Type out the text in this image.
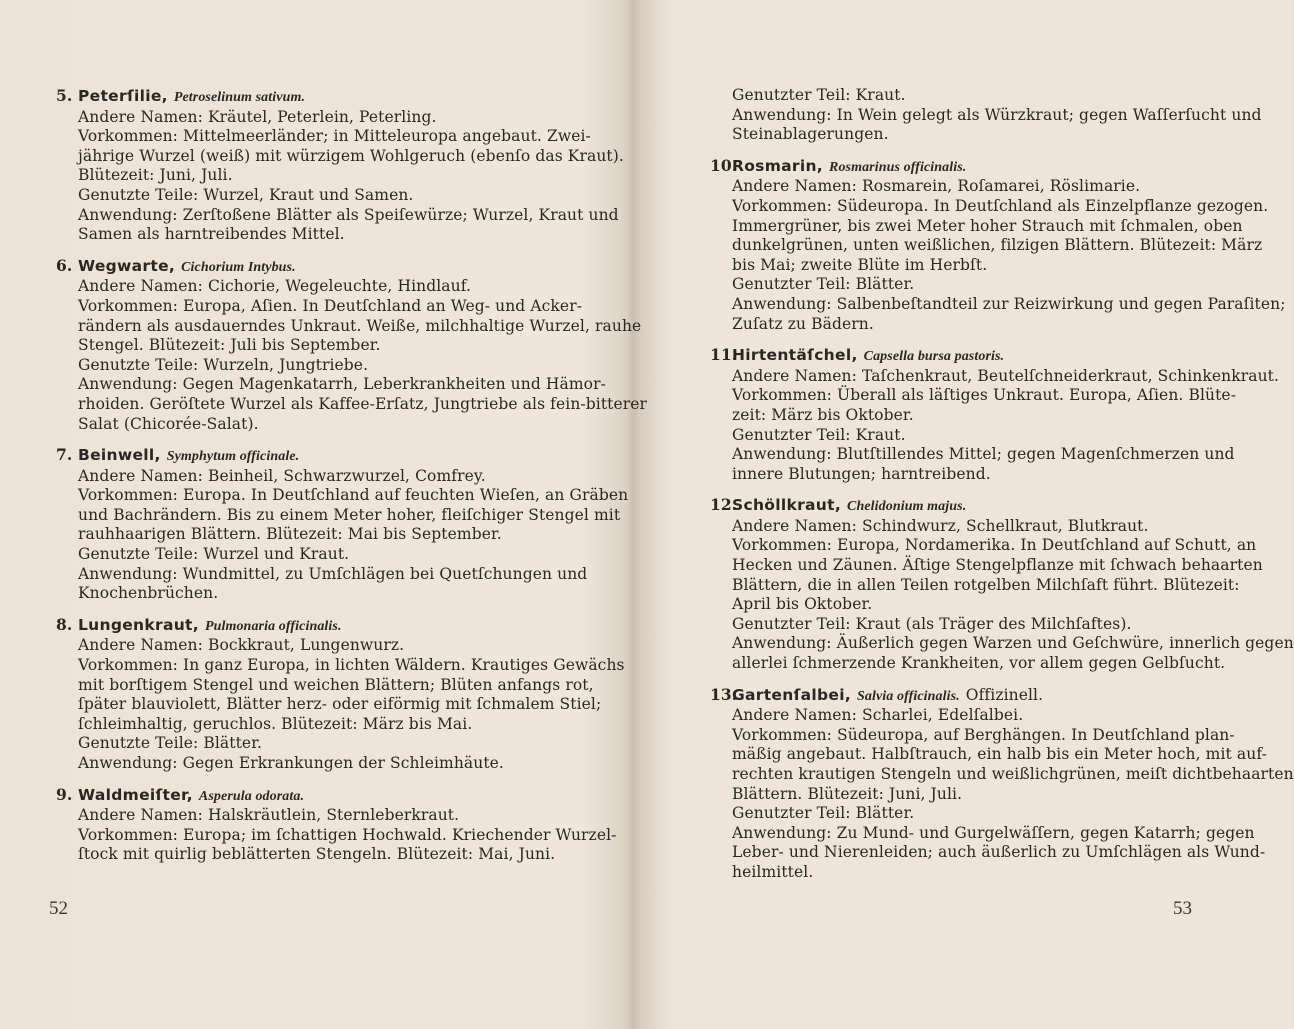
5. Peterſilie, Petroselinum sativum.
Andere Namen: Kräutel, Peterlein, Peterling.
Vorkommen: Mittelmeerländer; in Mitteleuropa angebaut. Zwei-
jährige Wurzel (weiß) mit würzigem Wohlgeruch (ebenſo das Kraut).
Blütezeit: Juni, Juli.
Genutzte Teile: Wurzel, Kraut und Samen.
Anwendung: Zerſtoßene Blätter als Speiſewürze; Wurzel, Kraut und
Samen als harntreibendes Mittel.
6. Wegwarte, Cichorium Intybus.
Andere Namen: Cichorie, Wegeleuchte, Hindlauf.
Vorkommen: Europa, Aſien. In Deutſchland an Weg- und Acker-
rändern als ausdauerndes Unkraut. Weiße, milchhaltige Wurzel, rauhe
Stengel. Blütezeit: Juli bis September.
Genutzte Teile: Wurzeln, Jungtriebe.
Anwendung: Gegen Magenkatarrh, Leberkrankheiten und Hämor-
rhoiden. Geröſtete Wurzel als Kaffee-Erſatz, Jungtriebe als fein-bitterer
Salat (Chicorée-Salat).
7. Beinwell, Symphytum officinale.
Andere Namen: Beinheil, Schwarzwurzel, Comfrey.
Vorkommen: Europa. In Deutſchland auf feuchten Wieſen, an Gräben
und Bachrändern. Bis zu einem Meter hoher, fleiſchiger Stengel mit
rauhhaarigen Blättern. Blütezeit: Mai bis September.
Genutzte Teile: Wurzel und Kraut.
Anwendung: Wundmittel, zu Umſchlägen bei Quetſchungen und
Knochenbrüchen.
8. Lungenkraut, Pulmonaria officinalis.
Andere Namen: Bockkraut, Lungenwurz.
Vorkommen: In ganz Europa, in lichten Wäldern. Krautiges Gewächs
mit borſtigem Stengel und weichen Blättern; Blüten anfangs rot,
ſpäter blauviolett, Blätter herz- oder eiförmig mit ſchmalem Stiel;
ſchleimhaltig, geruchlos. Blütezeit: März bis Mai.
Genutzte Teile: Blätter.
Anwendung: Gegen Erkrankungen der Schleimhäute.
9. Waldmeiſter, Asperula odorata.
Andere Namen: Halskräutlein, Sternleberkraut.
Vorkommen: Europa; im ſchattigen Hochwald. Kriechender Wurzel-
ſtock mit quirlig beblätterten Stengeln. Blütezeit: Mai, Juni.
52
Genutzter Teil: Kraut.
Anwendung: In Wein gelegt als Würzkraut; gegen Waſſerſucht und
Steinablagerungen.
10.Rosmarin, Rosmarinus officinalis.
Andere Namen: Rosmarein, Roſamarei, Röslimarie.
Vorkommen: Südeuropa. In Deutſchland als Einzelpflanze gezogen.
Immergrüner, bis zwei Meter hoher Strauch mit ſchmalen, oben
dunkelgrünen, unten weißlichen, filzigen Blättern. Blütezeit: März
bis Mai; zweite Blüte im Herbſt.
Genutzter Teil: Blätter.
Anwendung: Salbenbeſtandteil zur Reizwirkung und gegen Paraſiten;
Zuſatz zu Bädern.
11.Hirtentäſchel, Capsella bursa pastoris.
Andere Namen: Taſchenkraut, Beutelſchneiderkraut, Schinkenkraut.
Vorkommen: Überall als läſtiges Unkraut. Europa, Aſien. Blüte-
zeit: März bis Oktober.
Genutzter Teil: Kraut.
Anwendung: Blutſtillendes Mittel; gegen Magenſchmerzen und
innere Blutungen; harntreibend.
12.Schöllkraut, Chelidonium majus.
Andere Namen: Schindwurz, Schellkraut, Blutkraut.
Vorkommen: Europa, Nordamerika. In Deutſchland auf Schutt, an
Hecken und Zäunen. Äſtige Stengelpflanze mit ſchwach behaarten
Blättern, die in allen Teilen rotgelben Milchſaft führt. Blütezeit:
April bis Oktober.
Genutzter Teil: Kraut (als Träger des Milchſaftes).
Anwendung: Äußerlich gegen Warzen und Geſchwüre, innerlich gegen
allerlei ſchmerzende Krankheiten, vor allem gegen Gelbſucht.
13.Gartenſalbei, Salvia officinalis. Offizinell.
Andere Namen: Scharlei, Edelſalbei.
Vorkommen: Südeuropa, auf Berghängen. In Deutſchland plan-
mäßig angebaut. Halbſtrauch, ein halb bis ein Meter hoch, mit auf-
rechten krautigen Stengeln und weißlichgrünen, meiſt dichtbehaarten
Blättern. Blütezeit: Juni, Juli.
Genutzter Teil: Blätter.
Anwendung: Zu Mund- und Gurgelwäſſern, gegen Katarrh; gegen
Leber- und Nierenleiden; auch äußerlich zu Umſchlägen als Wund-
heilmittel.
53
